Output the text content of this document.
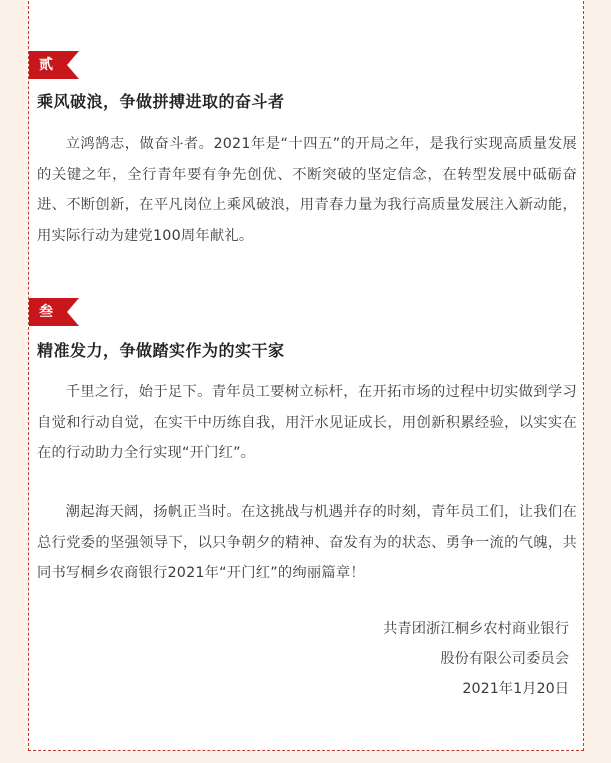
贰
乘风破浪，争做拼搏进取的奋斗者
立鸿鹄志，做奋斗者。2021年是“十四五”的开局之年，是我行实现高质量发展的关键之年，全行青年要有争先创优、不断突破的坚定信念，在转型发展中砥砺奋进、不断创新，在平凡岗位上乘风破浪，用青春力量为我行高质量发展注入新动能，用实际行动为建党100周年献礼。
叁
精准发力，争做踏实作为的实干家
千里之行，始于足下。青年员工要树立标杆，在开拓市场的过程中切实做到学习自觉和行动自觉，在实干中历练自我，用汗水见证成长，用创新积累经验，以实实在在的行动助力全行实现“开门红”。
潮起海天阔，扬帆正当时。在这挑战与机遇并存的时刻，青年员工们，让我们在总行党委的坚强领导下，以只争朝夕的精神、奋发有为的状态、勇争一流的气魄，共同书写桐乡农商银行2021年“开门红”的绚丽篇章！
共青团浙江桐乡农村商业银行
股份有限公司委员会
2021年1月20日
